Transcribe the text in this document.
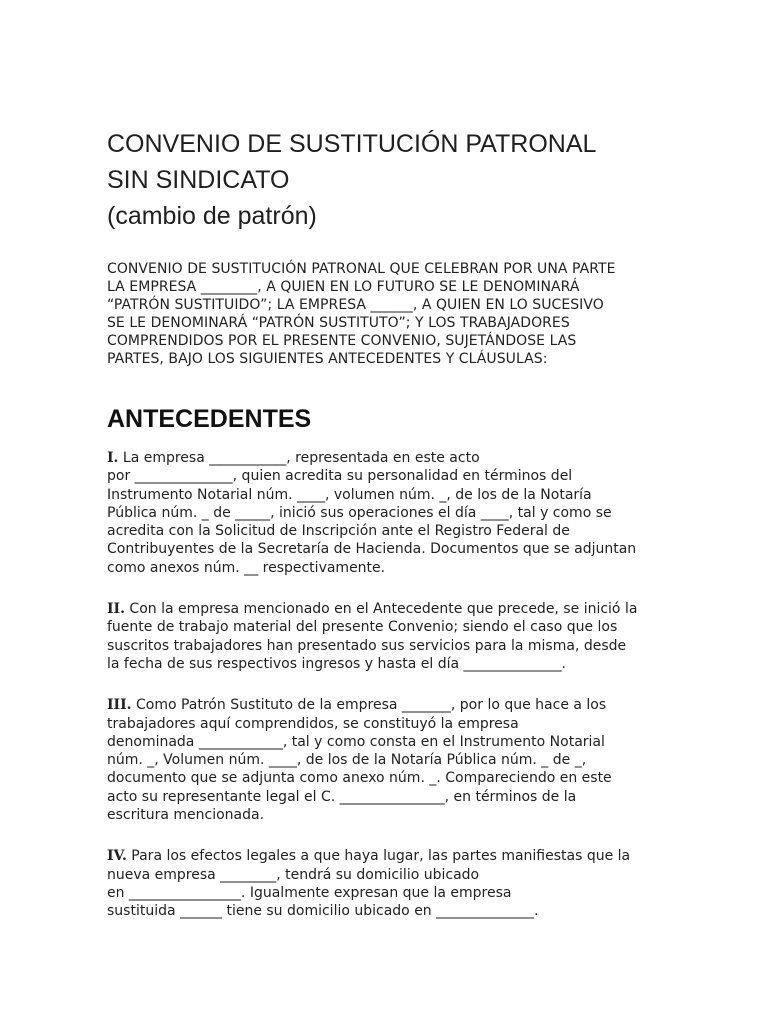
CONVENIO DE SUSTITUCIÓN PATRONAL
SIN SINDICATO
(cambio de patrón)

CONVENIO DE SUSTITUCIÓN PATRONAL QUE CELEBRAN POR UNA PARTE
LA EMPRESA ________, A QUIEN EN LO FUTURO SE LE DENOMINARÁ
“PATRÓN SUSTITUIDO”; LA EMPRESA ______, A QUIEN EN LO SUCESIVO
SE LE DENOMINARÁ “PATRÓN SUSTITUTO”; Y LOS TRABAJADORES
COMPRENDIDOS POR EL PRESENTE CONVENIO, SUJETÁNDOSE LAS
PARTES, BAJO LOS SIGUIENTES ANTECEDENTES Y CLÁUSULAS:

ANTECEDENTES

I. La empresa ___________, representada en este acto
por ______________, quien acredita su personalidad en términos del
Instrumento Notarial núm. ____, volumen núm. _, de los de la Notaría
Pública núm. _ de _____, inició sus operaciones el día ____, tal y como se
acredita con la Solicitud de Inscripción ante el Registro Federal de
Contribuyentes de la Secretaría de Hacienda. Documentos que se adjuntan
como anexos núm. __ respectivamente.

II. Con la empresa mencionado en el Antecedente que precede, se inició la
fuente de trabajo material del presente Convenio; siendo el caso que los
suscritos trabajadores han presentado sus servicios para la misma, desde
la fecha de sus respectivos ingresos y hasta el día ______________.

III. Como Patrón Sustituto de la empresa _______, por lo que hace a los
trabajadores aquí comprendidos, se constituyó la empresa
denominada ____________, tal y como consta en el Instrumento Notarial
núm. _, Volumen núm. ____, de los de la Notaría Pública núm. _ de _,
documento que se adjunta como anexo núm. _. Compareciendo en este
acto su representante legal el C. _______________, en términos de la
escritura mencionada.

IV. Para los efectos legales a que haya lugar, las partes manifiestas que la
nueva empresa ________, tendrá su domicilio ubicado
en ________________. Igualmente expresan que la empresa
sustituida ______ tiene su domicilio ubicado en ______________.
